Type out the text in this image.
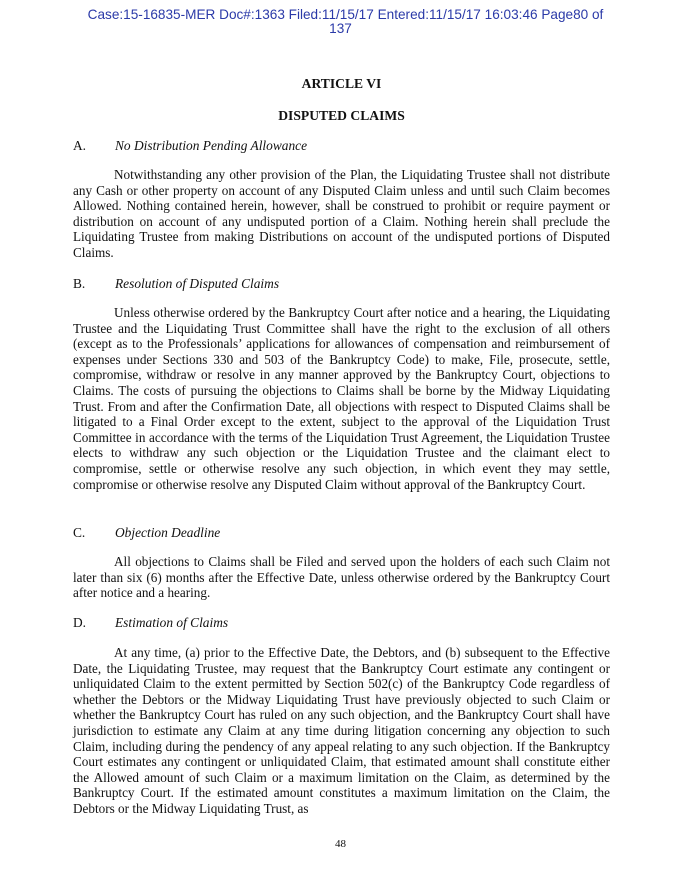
Case:15-16835-MER Doc#:1363 Filed:11/15/17 Entered:11/15/17 16:03:46 Page80 of
137
ARTICLE VI
DISPUTED CLAIMS
A. No Distribution Pending Allowance
Notwithstanding any other provision of the Plan, the Liquidating Trustee shall not distribute any Cash or other property on account of any Disputed Claim unless and until such Claim becomes Allowed. Nothing contained herein, however, shall be construed to prohibit or require payment or distribution on account of any undisputed portion of a Claim. Nothing herein shall preclude the Liquidating Trustee from making Distributions on account of the undisputed portions of Disputed Claims.
B. Resolution of Disputed Claims
Unless otherwise ordered by the Bankruptcy Court after notice and a hearing, the Liquidating Trustee and the Liquidating Trust Committee shall have the right to the exclusion of all others (except as to the Professionals’ applications for allowances of compensation and reimbursement of expenses under Sections 330 and 503 of the Bankruptcy Code) to make, File, prosecute, settle, compromise, withdraw or resolve in any manner approved by the Bankruptcy Court, objections to Claims. The costs of pursuing the objections to Claims shall be borne by the Midway Liquidating Trust. From and after the Confirmation Date, all objections with respect to Disputed Claims shall be litigated to a Final Order except to the extent, subject to the approval of the Liquidation Trust Committee in accordance with the terms of the Liquidation Trust Agreement, the Liquidation Trustee elects to withdraw any such objection or the Liquidation Trustee and the claimant elect to compromise, settle or otherwise resolve any such objection, in which event they may settle, compromise or otherwise resolve any Disputed Claim without approval of the Bankruptcy Court.
C. Objection Deadline
All objections to Claims shall be Filed and served upon the holders of each such Claim not later than six (6) months after the Effective Date, unless otherwise ordered by the Bankruptcy Court after notice and a hearing.
D. Estimation of Claims
At any time, (a) prior to the Effective Date, the Debtors, and (b) subsequent to the Effective Date, the Liquidating Trustee, may request that the Bankruptcy Court estimate any contingent or unliquidated Claim to the extent permitted by Section 502(c) of the Bankruptcy Code regardless of whether the Debtors or the Midway Liquidating Trust have previously objected to such Claim or whether the Bankruptcy Court has ruled on any such objection, and the Bankruptcy Court shall have jurisdiction to estimate any Claim at any time during litigation concerning any objection to such Claim, including during the pendency of any appeal relating to any such objection. If the Bankruptcy Court estimates any contingent or unliquidated Claim, that estimated amount shall constitute either the Allowed amount of such Claim or a maximum limitation on the Claim, as determined by the Bankruptcy Court. If the estimated amount constitutes a maximum limitation on the Claim, the Debtors or the Midway Liquidating Trust, as
48
